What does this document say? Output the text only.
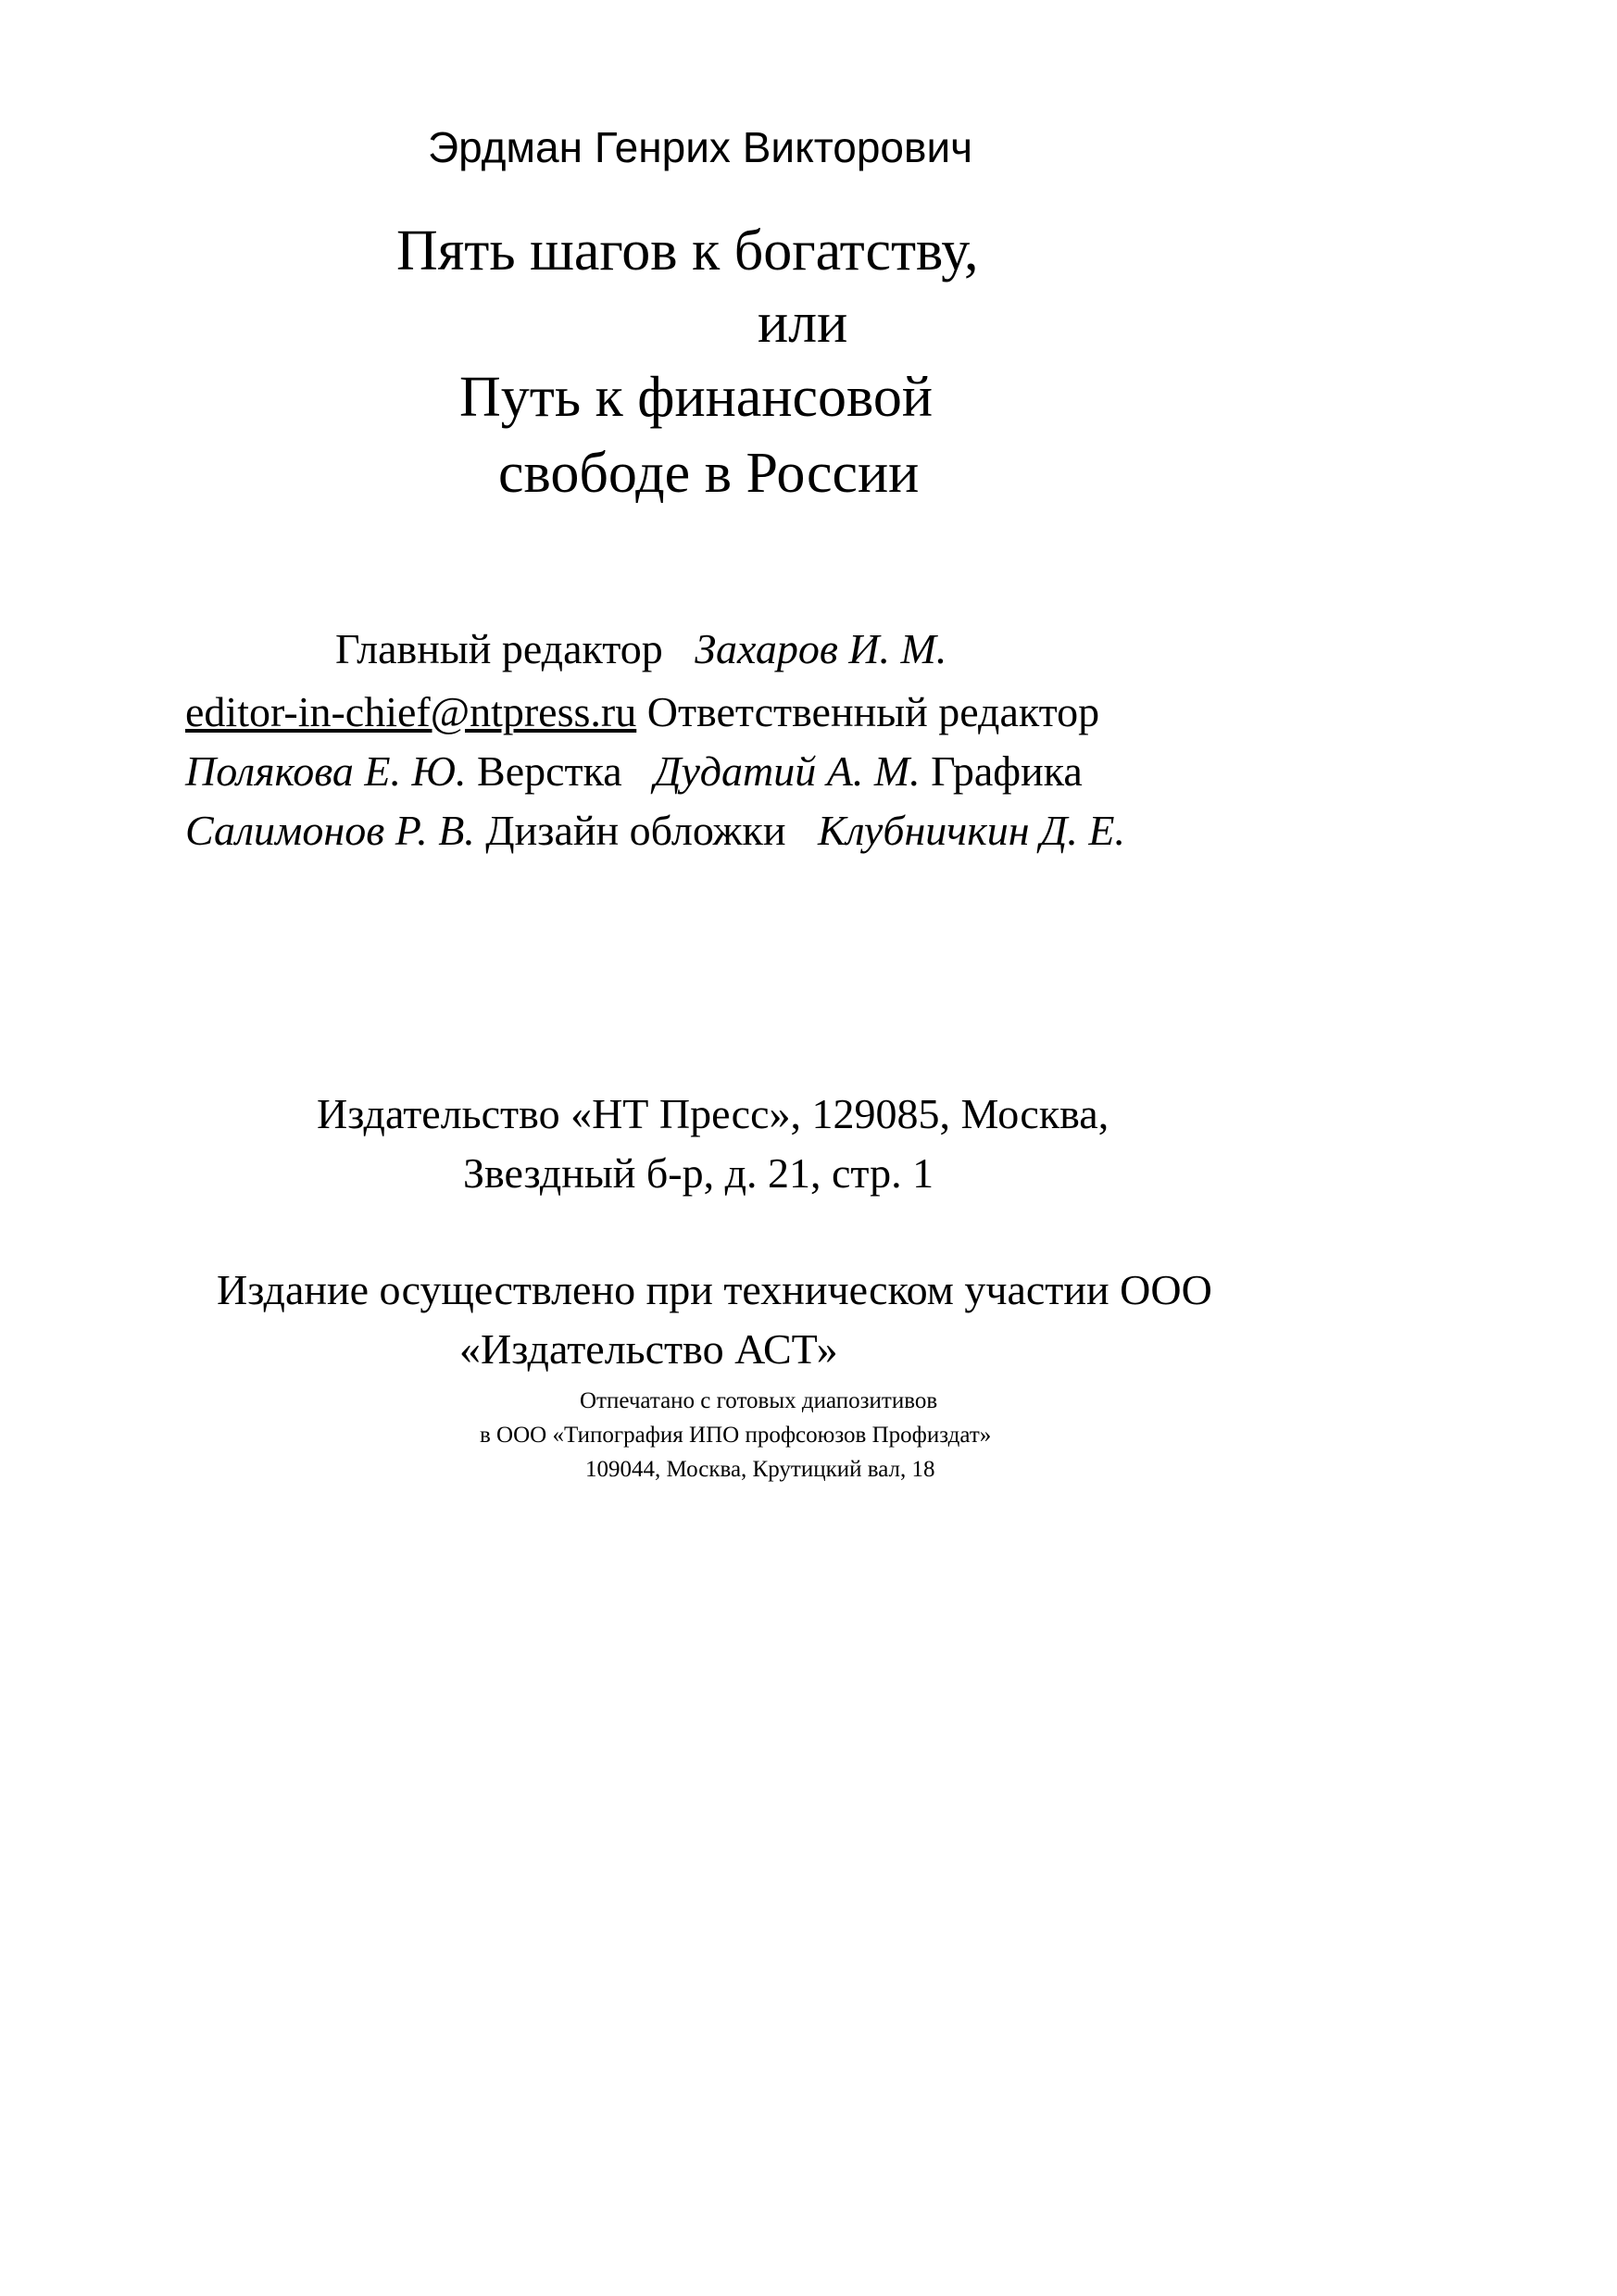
Эрдман Генрих Викторович
Пять шагов к богатству,
или
Путь к финансовой
свободе в России
Главный редактор Захаров И. М.
editor-in-chief@ntpress.ru Ответственный редактор
Полякова Е. Ю. Верстка Дудатий А. М. Графика
Салимонов Р. В. Дизайн обложки Клубничкин Д. Е.
Издательство «НТ Пресс», 129085, Москва,
Звездный б-р, д. 21, стр. 1
Издание осуществлено при техническом участии ООО
«Издательство АСТ»
Отпечатано с готовых диапозитивов
в ООО «Типография ИПО профсоюзов Профиздат»
109044, Москва, Крутицкий вал, 18
